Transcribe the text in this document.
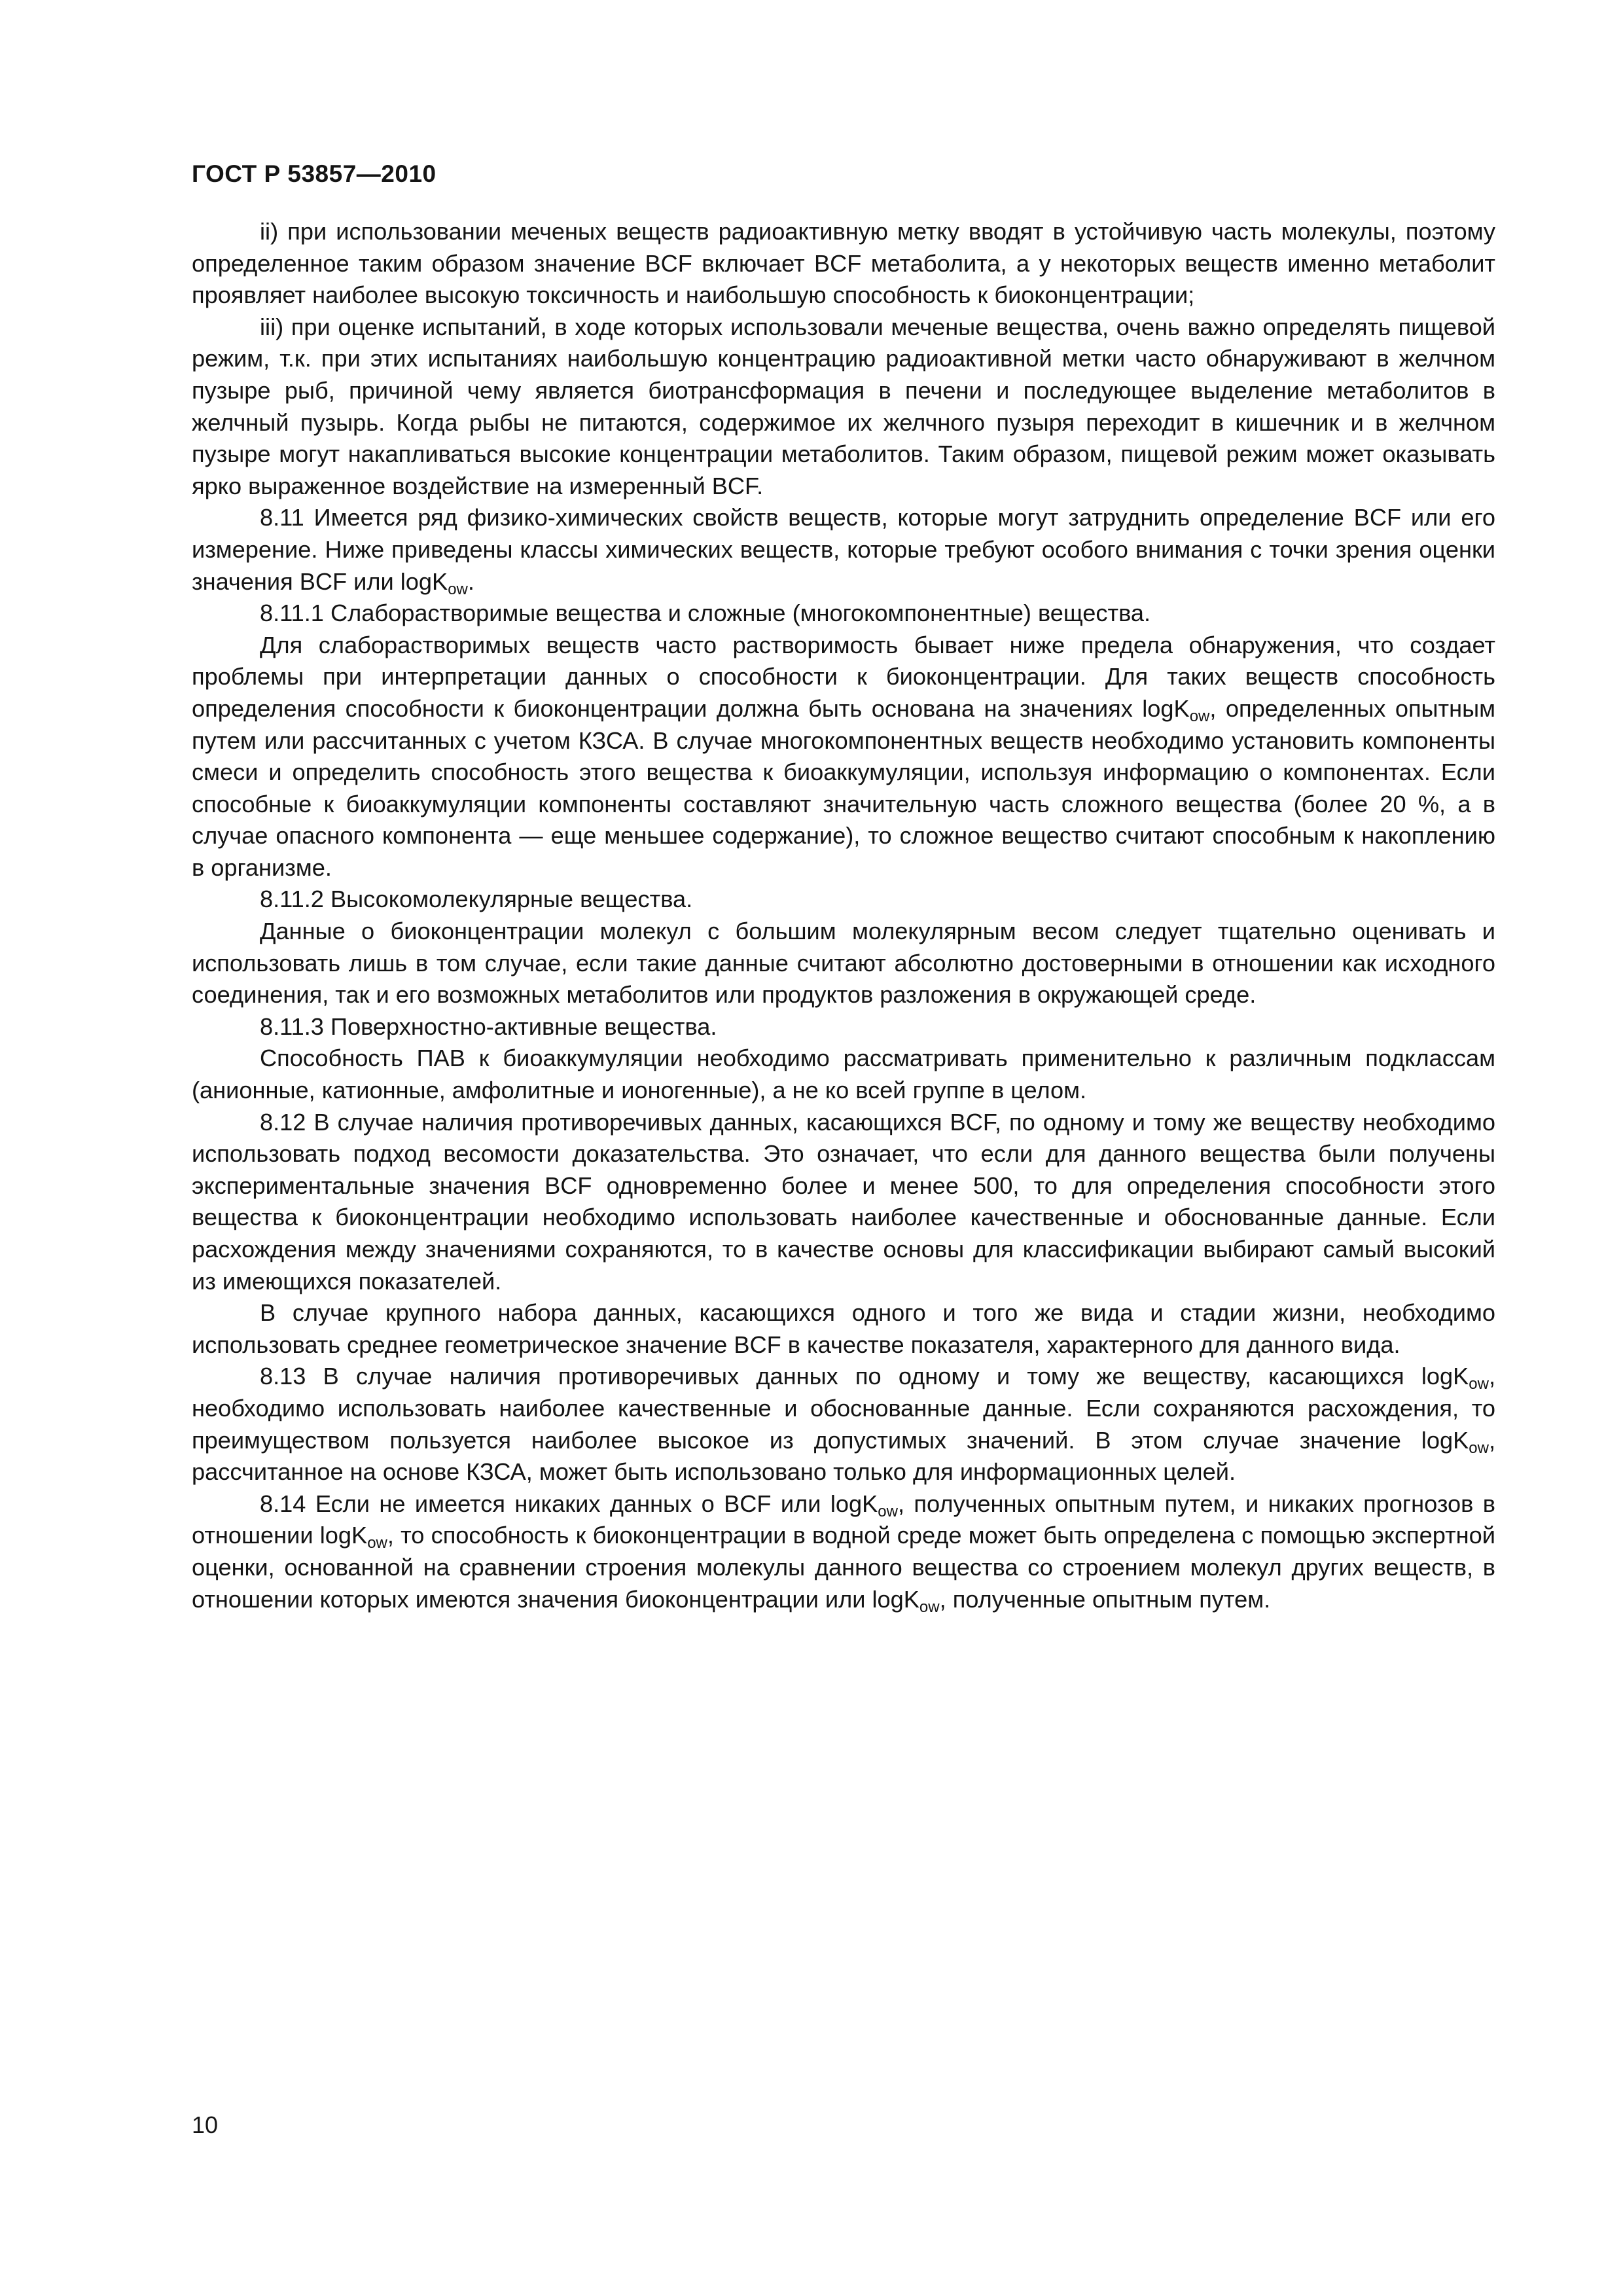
ГОСТ Р 53857—2010

ii) при использовании меченых веществ радиоактивную метку вводят в устойчивую часть молекулы, поэтому определенное таким образом значение BCF включает BCF метаболита, а у некоторых веществ именно метаболит проявляет наиболее высокую токсичность и наибольшую способность к биоконцентрации;

iii) при оценке испытаний, в ходе которых использовали меченые вещества, очень важно определять пищевой режим, т.к. при этих испытаниях наибольшую концентрацию радиоактивной метки часто обнаруживают в желчном пузыре рыб, причиной чему является биотрансформация в печени и последующее выделение метаболитов в желчный пузырь. Когда рыбы не питаются, содержимое их желчного пузыря переходит в кишечник и в желчном пузыре могут накапливаться высокие концентрации метаболитов. Таким образом, пищевой режим может оказывать ярко выраженное воздействие на измеренный BCF.

8.11 Имеется ряд физико-химических свойств веществ, которые могут затруднить определение BCF или его измерение. Ниже приведены классы химических веществ, которые требуют особого внимания с точки зрения оценки значения BCF или logK$_{ow}$.

8.11.1 Слаборастворимые вещества и сложные (многокомпонентные) вещества.

Для слаборастворимых веществ часто растворимость бывает ниже предела обнаружения, что создает проблемы при интерпретации данных о способности к биоконцентрации. Для таких веществ способность определения способности к биоконцентрации должна быть основана на значениях logK$_{ow}$, определенных опытным путем или рассчитанных с учетом КЗСА. В случае многокомпонентных веществ необходимо установить компоненты смеси и определить способность этого вещества к биоаккумуляции, используя информацию о компонентах. Если способные к биоаккумуляции компоненты составляют значительную часть сложного вещества (более 20 %, а в случае опасного компонента — еще меньшее содержание), то сложное вещество считают способным к накоплению в организме.

8.11.2 Высокомолекулярные вещества.

Данные о биоконцентрации молекул с большим молекулярным весом следует тщательно оценивать и использовать лишь в том случае, если такие данные считают абсолютно достоверными в отношении как исходного соединения, так и его возможных метаболитов или продуктов разложения в окружающей среде.

8.11.3 Поверхностно-активные вещества.

Способность ПАВ к биоаккумуляции необходимо рассматривать применительно к различным подклассам (анионные, катионные, амфолитные и ионогенные), а не ко всей группе в целом.

8.12 В случае наличия противоречивых данных, касающихся BCF, по одному и тому же веществу необходимо использовать подход весомости доказательства. Это означает, что если для данного вещества были получены экспериментальные значения BCF одновременно более и менее 500, то для определения способности этого вещества к биоконцентрации необходимо использовать наиболее качественные и обоснованные данные. Если расхождения между значениями сохраняются, то в качестве основы для классификации выбирают самый высокий из имеющихся показателей.

В случае крупного набора данных, касающихся одного и того же вида и стадии жизни, необходимо использовать среднее геометрическое значение BCF в качестве показателя, характерного для данного вида.

8.13 В случае наличия противоречивых данных по одному и тому же веществу, касающихся logK$_{ow}$, необходимо использовать наиболее качественные и обоснованные данные. Если сохраняются расхождения, то преимуществом пользуется наиболее высокое из допустимых значений. В этом случае значение logK$_{ow}$, рассчитанное на основе КЗСА, может быть использовано только для информационных целей.

8.14 Если не имеется никаких данных о BCF или logK$_{ow}$, полученных опытным путем, и никаких прогнозов в отношении logK$_{ow}$, то способность к биоконцентрации в водной среде может быть определена с помощью экспертной оценки, основанной на сравнении строения молекулы данного вещества со строением молекул других веществ, в отношении которых имеются значения биоконцентрации или logK$_{ow}$, полученные опытным путем.

10
